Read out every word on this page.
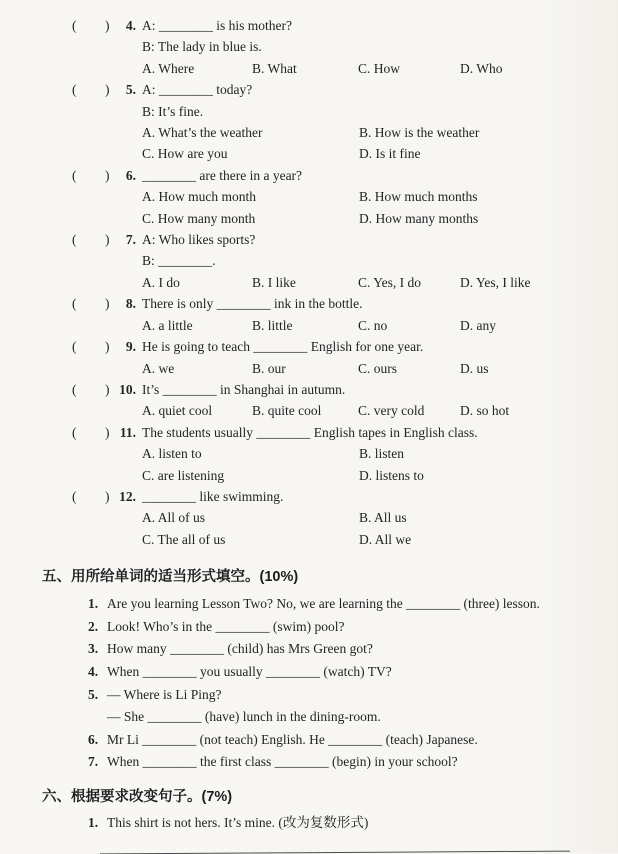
( ) 4. A: ________ is his mother?
B: The lady in blue is.
A. Where	B. What	C. How	D. Who
( ) 5. A: ________ today?
B: It’s fine.
A. What’s the weather	B. How is the weather
C. How are you	D. Is it fine
( ) 6. ________ are there in a year?
A. How much month	B. How much months
C. How many month	D. How many months
( ) 7. A: Who likes sports?
B: ________.
A. I do	B. I like	C. Yes, I do	D. Yes, I like
( ) 8. There is only ________ ink in the bottle.
A. a little	B. little	C. no	D. any
( ) 9. He is going to teach ________ English for one year.
A. we	B. our	C. ours	D. us
( ) 10. It’s ________ in Shanghai in autumn.
A. quiet cool	B. quite cool	C. very cold	D. so hot
( ) 11. The students usually ________ English tapes in English class.
A. listen to	B. listen
C. are listening	D. listens to
( ) 12. ________ like swimming.
A. All of us	B. All us
C. The all of us	D. All we
五、用所给单词的适当形式填空。(10%)
1. Are you learning Lesson Two? No, we are learning the ________ (three) lesson.
2. Look! Who’s in the ________ (swim) pool?
3. How many ________ (child) has Mrs Green got?
4. When ________ you usually ________ (watch) TV?
5. — Where is Li Ping?
— She ________ (have) lunch in the dining-room.
6. Mr Li ________ (not teach) English. He ________ (teach) Japanese.
7. When ________ the first class ________ (begin) in your school?
六、根据要求改变句子。(7%)
1. This shirt is not hers. It’s mine. (改为复数形式)
